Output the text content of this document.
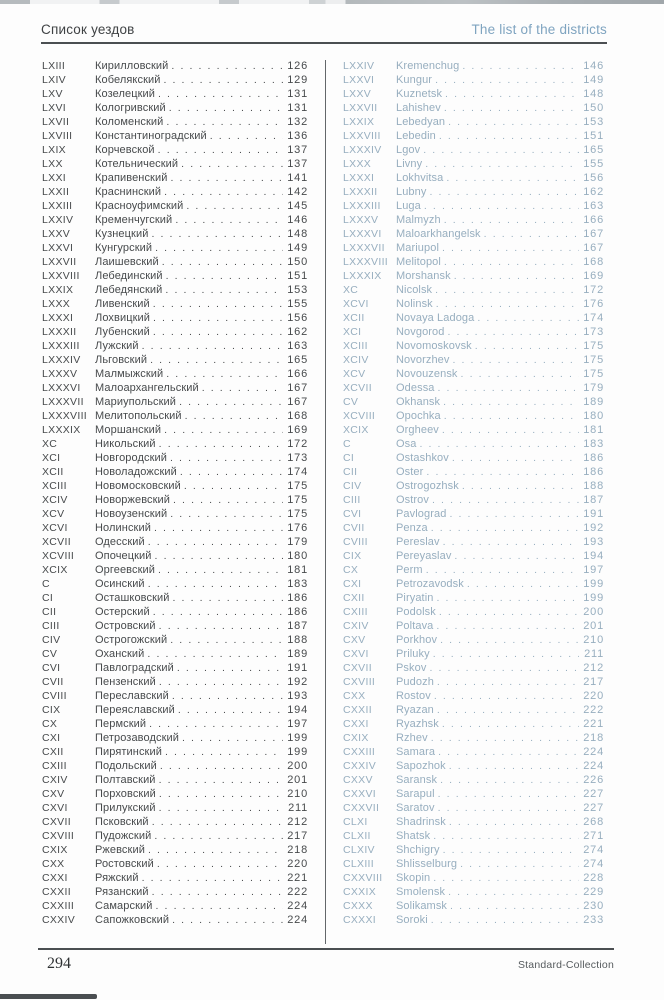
Список уездов	The list of the districts
LXIII	Кирилловский . . .	126
LXIV	Кобелякский . . .	129
LXV	Козелецкий . . .	131
LXVI	Кологривский . . .	131
LXVII	Коломенский . . .	132
LXVIII	Константиноградский . . .	136
LXIX	Корчевской . . .	137
LXX	Котельнический . . .	137
LXXI	Крапивенский . . .	141
LXXII	Краснинский . . .	142
LXXIII	Красноуфимский . . .	145
LXXIV	Кременчугский . . .	146
LXXV	Кузнецкий . . .	148
LXXVI	Кунгурский . . .	149
LXXVII	Лаишевский . . .	150
LXXVIII	Лебединский . . .	151
LXXIX	Лебедянский . . .	153
LXXX	Ливенский . . .	155
LXXXI	Лохвицкий . . .	156
LXXXII	Лубенский . . .	162
LXXXIII	Лужский . . .	163
LXXXIV	Льговский . . .	165
LXXXV	Малмыжский . . .	166
LXXXVI	Малоархангельский . . .	167
LXXXVII	Мариупольский . . .	167
LXXXVIII Мелитопольский . . .	168
LXXXIX	Моршанский . . .	169
XC	Никольский . . .	172
XCI	Новгородский . . .	173
XCII	Новоладожский . . .	174
XCIII	Новомосковский . . .	175
XCIV	Новоржевский . . .	175
XCV	Новоузенский . . .	175
XCVI	Нолинский . . .	176
XCVII	Одесский . . .	179
XCVIII	Опочецкий . . .	180
XCIX	Оргеевский . . .	181
C	Осинский . . .	183
CI	Осташковский . . .	186
CII	Остерский . . .	186
CIII	Островский . . .	187
CIV	Острогожский . . .	188
CV	Оханский . . .	189
CVI	Павлоградский . . .	191
CVII	Пензенский . . .	192
CVIII	Переславский . . .	193
CIX	Переяславский . . .	194
CX	Пермский . . .	197
CXI	Петрозаводский . . .	199
CXII	Пирятинский . . .	199
CXIII	Подольский . . .	200
CXIV	Полтавский . . .	201
CXV	Порховский . . .	210
CXVI	Прилукский . . .	211
CXVII	Псковский . . .	212
CXVIII	Пудожский . . .	217
CXIX	Ржевский . . .	218
CXX	Ростовский . . .	220
CXXI	Ряжский . . .	221
CXXII	Рязанский . . .	222
CXXIII	Самарский . . .	224
CXXIV	Сапожковский . . .	224
LXXIV	Kremenchug . . .	146
LXXVI	Kungur . . .	149
LXXV	Kuznetsk . . .	148
LXXVII	Lahishev . . .	150
LXXIX	Lebedyan . . .	153
LXXVIII	Lebedin . . .	151
LXXXIV	Lgov . . .	165
LXXX	Livny . . .	155
LXXXI	Lokhvitsa . . .	156
LXXXII	Lubny . . .	162
LXXXIII	Luga . . .	163
LXXXV	Malmyzh . . .	166
LXXXVI	Maloarkhangelsk . . .	167
LXXXVII	Mariupol . . .	167
LXXXVIII Melitopol . . .	168
LXXXIX	Morshansk . . .	169
XC	Nicolsk . . .	172
XCVI	Nolinsk . . .	176
XCII	Novaya Ladoga . . .	174
XCI	Novgorod . . .	173
XCIII	Novomoskovsk . . .	175
XCIV	Novorzhev . . .	175
XCV	Novouzensk . . .	175
XCVII	Odessa . . .	179
CV	Okhansk . . .	189
XCVIII	Opochka . . .	180
XCIX	Orgheev . . .	181
C	Osa . . .	183
CI	Ostashkov . . .	186
CII	Oster . . .	186
CIV	Ostrogozhsk . . .	188
CIII	Ostrov . . .	187
CVI	Pavlograd . . .	191
CVII	Penza . . .	192
CVIII	Pereslav . . .	193
CIX	Pereyaslav . . .	194
CX	Perm . . .	197
CXI	Petrozavodsk . . .	199
CXII	Piryatin . . .	199
CXIII	Podolsk . . .	200
CXIV	Poltava . . .	201
CXV	Porkhov . . .	210
CXVI	Priluky . . .	211
CXVII	Pskov . . .	212
CXVIII	Pudozh . . .	217
CXX	Rostov . . .	220
CXXII	Ryazan . . .	222
CXXI	Ryazhsk . . .	221
CXIX	Rzhev . . .	218
CXXIII	Samara . . .	224
CXXIV	Sapozhok . . .	224
CXXV	Saransk . . .	226
CXXVI	Sarapul . . .	227
CXXVII	Saratov . . .	227
CLXI	Shadrinsk . . .	268
CLXII	Shatsk . . .	271
CLXIV	Shchigry . . .	274
CLXIII	Shlisselburg . . .	274
CXXVIII	Skopin . . .	228
CXXIX	Smolensk . . .	229
CXXX	Solikamsk . . .	230
CXXXI	Soroki . . .	233
294	Standard-Collection
